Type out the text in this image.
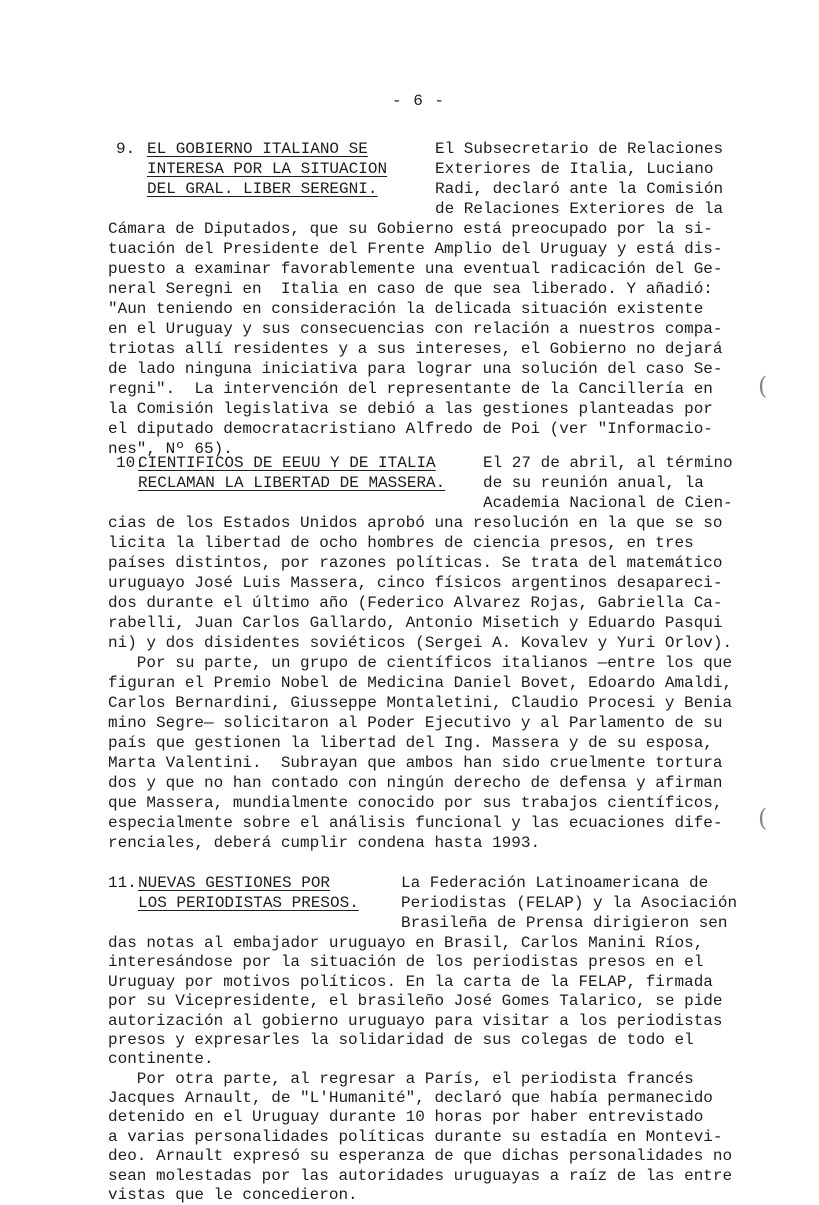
- 6 -
9. EL GOBIERNO ITALIANO SE
INTERESA POR LA SITUACION
DEL GRAL. LIBER SEREGNI.
El Subsecretario de Relaciones
Exteriores de Italia, Luciano
Radi, declaró ante la Comisión
de Relaciones Exteriores de la
Cámara de Diputados, que su Gobierno está preocupado por la si-
tuación del Presidente del Frente Amplio del Uruguay y está dis-
puesto a examinar favorablemente una eventual radicación del Ge-
neral Seregni en  Italia en caso de que sea liberado. Y añadió:
"Aun teniendo en consideración la delicada situación existente
en el Uruguay y sus consecuencias con relación a nuestros compa-
triotas allí residentes y a sus intereses, el Gobierno no dejará
de lado ninguna iniciativa para lograr una solución del caso Se-
regni".  La intervención del representante de la Cancillería en
la Comisión legislativa se debió a las gestiones planteadas por
el diputado democratacristiano Alfredo de Poi (ver "Informacio-
nes", Nº 65).
10.
CIENTIFICOS DE EEUU Y DE ITALIA
RECLAMAN LA LIBERTAD DE MASSERA.
El 27 de abril, al término
de su reunión anual, la
Academia Nacional de Cien-
cias de los Estados Unidos aprobó una resolución en la que se so
licita la libertad de ocho hombres de ciencia presos, en tres
países distintos, por razones políticas. Se trata del matemático
uruguayo José Luis Massera, cinco físicos argentinos desapareci-
dos durante el último año (Federico Alvarez Rojas, Gabriella Ca-
rabelli, Juan Carlos Gallardo, Antonio Misetich y Eduardo Pasqui
ni) y dos disidentes soviéticos (Sergei A. Kovalev y Yuri Orlov).
Por su parte, un grupo de científicos italianos —entre los que
figuran el Premio Nobel de Medicina Daniel Bovet, Edoardo Amaldi,
Carlos Bernardini, Giusseppe Montaletini, Claudio Procesi y Benia
mino Segre— solicitaron al Poder Ejecutivo y al Parlamento de su
país que gestionen la libertad del Ing. Massera y de su esposa,
Marta Valentini.  Subrayan que ambos han sido cruelmente tortura
dos y que no han contado con ningún derecho de defensa y afirman
que Massera, mundialmente conocido por sus trabajos científicos,
especialmente sobre el análisis funcional y las ecuaciones dife-
renciales, deberá cumplir condena hasta 1993.
11. NUEVAS GESTIONES POR
LOS PERIODISTAS PRESOS.
La Federación Latinoamericana de
Periodistas (FELAP) y la Asociación
Brasileña de Prensa dirigieron sen
das notas al embajador uruguayo en Brasil, Carlos Manini Ríos,
interesándose por la situación de los periodistas presos en el
Uruguay por motivos políticos. En la carta de la FELAP, firmada
por su Vicepresidente, el brasileño José Gomes Talarico, se pide
autorización al gobierno uruguayo para visitar a los periodistas
presos y expresarles la solidaridad de sus colegas de todo el
continente.
Por otra parte, al regresar a París, el periodista francés
Jacques Arnault, de "L'Humanité", declaró que había permanecido
detenido en el Uruguay durante 10 horas por haber entrevistado
a varias personalidades políticas durante su estadía en Montevi-
deo. Arnault expresó su esperanza de que dichas personalidades no
sean molestadas por las autoridades uruguayas a raíz de las entre
(
(
vistas que le concedieron.
